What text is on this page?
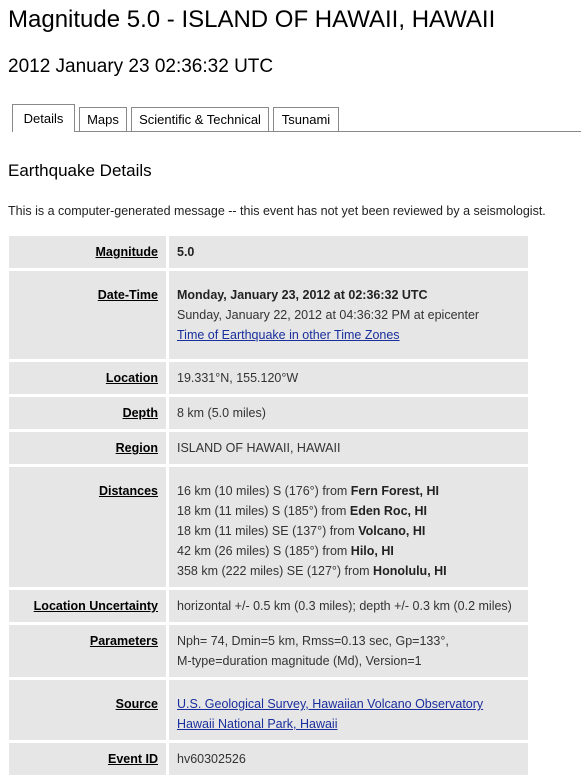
Magnitude 5.0 - ISLAND OF HAWAII, HAWAII
2012 January 23 02:36:32 UTC
Details	Maps	Scientific & Technical	Tsunami
Earthquake Details
This is a computer-generated message -- this event has not yet been reviewed by a seismologist.
Magnitude	5.0
Date-Time	Monday, January 23, 2012 at 02:36:32 UTC
Sunday, January 22, 2012 at 04:36:32 PM at epicenter
Time of Earthquake in other Time Zones

Location	19.331°N, 155.120°W
Depth	8 km (5.0 miles)
Region	ISLAND OF HAWAII, HAWAII
Distances	16 km (10 miles) S (176°) from Fern Forest, HI
18 km (11 miles) S (185°) from Eden Roc, HI
18 km (11 miles) SE (137°) from Volcano, HI
42 km (26 miles) S (185°) from Hilo, HI
358 km (222 miles) SE (127°) from Honolulu, HI

Location Uncertainty	horizontal +/- 0.5 km (0.3 miles); depth +/- 0.3 km (0.2 miles)
Parameters	Nph= 74, Dmin=5 km, Rmss=0.13 sec, Gp=133°,
M-type=duration magnitude (Md), Version=1

Source	U.S. Geological Survey, Hawaiian Volcano Observatory
Hawaii National Park, Hawaii

Event ID	hv60302526
